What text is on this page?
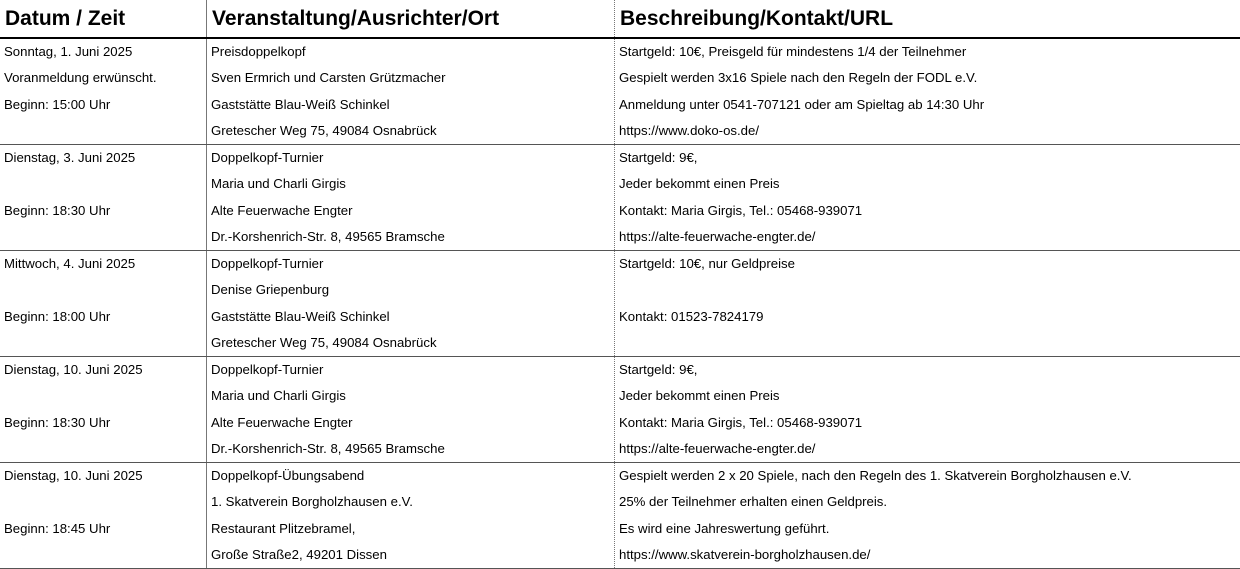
Datum / Zeit	Veranstaltung/Ausrichter/Ort	Beschreibung/Kontakt/URL
Sonntag, 1. Juni 2025
Voranmeldung erwünscht.
Beginn: 15:00 Uhr
Preisdoppelkopf
Sven Ermrich und Carsten Grützmacher
Gaststätte Blau-Weiß Schinkel
Gretescher Weg 75, 49084 Osnabrück
Startgeld: 10€, Preisgeld für mindestens 1/4 der Teilnehmer
Gespielt werden 3x16 Spiele nach den Regeln der FODL e.V.
Anmeldung unter 0541-707121 oder am Spieltag ab 14:30 Uhr
https://www.doko-os.de/
Dienstag, 3. Juni 2025
Beginn: 18:30 Uhr
Doppelkopf-Turnier
Maria und Charli Girgis
Alte Feuerwache Engter
Dr.-Korshenrich-Str. 8, 49565 Bramsche
Startgeld: 9€,
Jeder bekommt einen Preis
Kontakt: Maria Girgis, Tel.: 05468-939071
https://alte-feuerwache-engter.de/
Mittwoch, 4. Juni 2025
Beginn: 18:00 Uhr
Doppelkopf-Turnier
Denise Griepenburg
Gaststätte Blau-Weiß Schinkel
Gretescher Weg 75, 49084 Osnabrück
Startgeld: 10€, nur Geldpreise
Kontakt: 01523-7824179
Dienstag, 10. Juni 2025
Beginn: 18:30 Uhr
Doppelkopf-Turnier
Maria und Charli Girgis
Alte Feuerwache Engter
Dr.-Korshenrich-Str. 8, 49565 Bramsche
Startgeld: 9€,
Jeder bekommt einen Preis
Kontakt: Maria Girgis, Tel.: 05468-939071
https://alte-feuerwache-engter.de/
Dienstag, 10. Juni 2025
Beginn: 18:45 Uhr
Doppelkopf-Übungsabend
1. Skatverein Borgholzhausen e.V.
Restaurant Plitzebramel,
Große Straße2, 49201 Dissen
Gespielt werden 2 x 20 Spiele, nach den Regeln des 1. Skatverein Borgholzhausen e.V.
25% der Teilnehmer erhalten einen Geldpreis.
Es wird eine Jahreswertung geführt.
https://www.skatverein-borgholzhausen.de/
